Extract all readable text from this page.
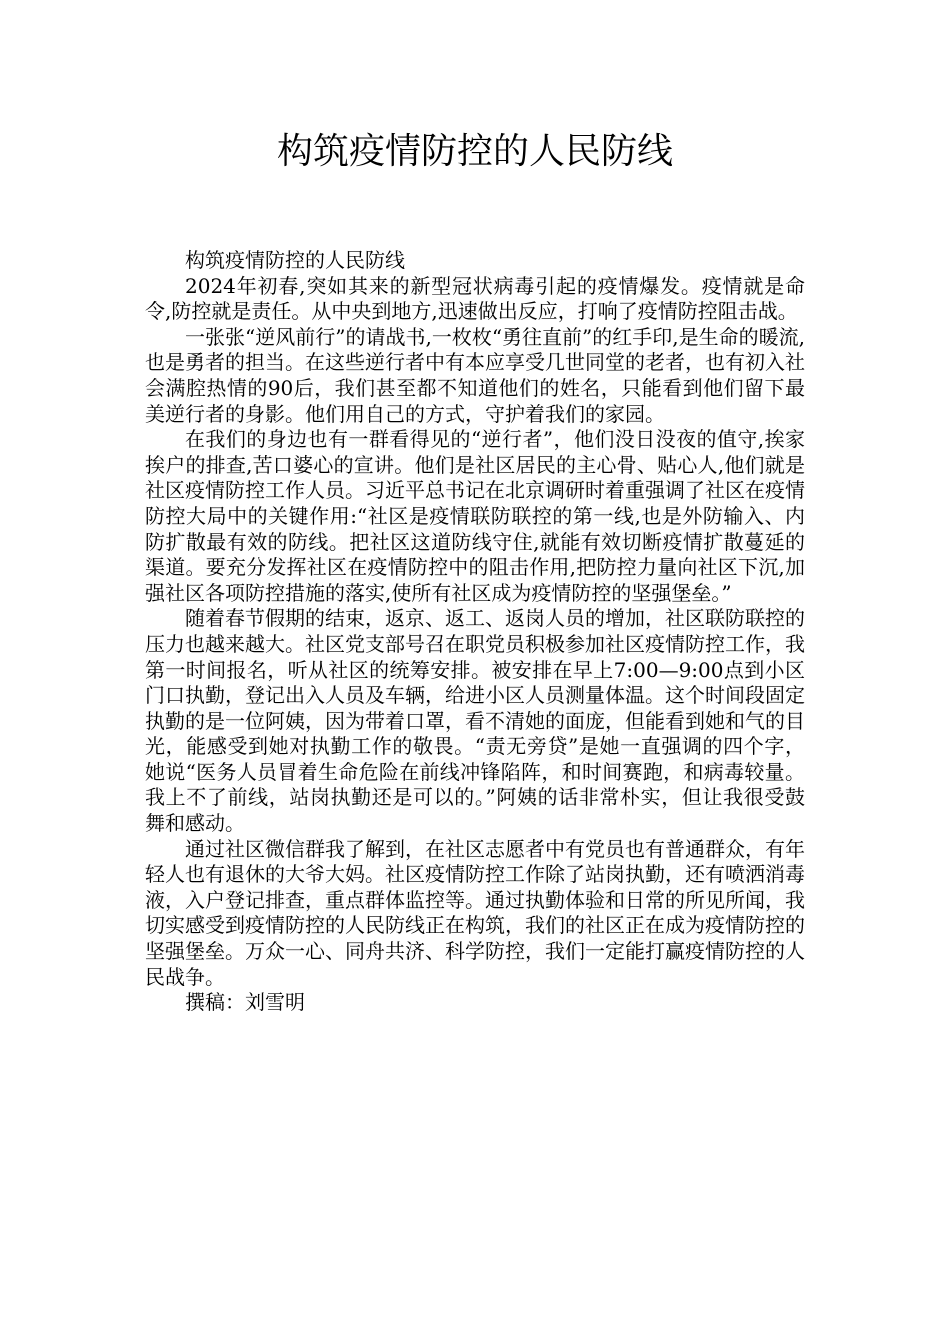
构筑疫情防控的人民防线

构筑疫情防控的人民防线

2024年初春,突如其来的新型冠状病毒引起的疫情爆发。疫情就是命令,防控就是责任。从中央到地方,迅速做出反应，打响了疫情防控阻击战。

一张张“逆风前行”的请战书,一枚枚“勇往直前”的红手印,是生命的暖流,也是勇者的担当。在这些逆行者中有本应享受几世同堂的老者，也有初入社会满腔热情的90后，我们甚至都不知道他们的姓名，只能看到他们留下最美逆行者的身影。他们用自己的方式，守护着我们的家园。

在我们的身边也有一群看得见的“逆行者”，他们没日没夜的值守,挨家挨户的排查,苦口婆心的宣讲。他们是社区居民的主心骨、贴心人,他们就是社区疫情防控工作人员。习近平总书记在北京调研时着重强调了社区在疫情防控大局中的关键作用:“社区是疫情联防联控的第一线,也是外防输入、内防扩散最有效的防线。把社区这道防线守住,就能有效切断疫情扩散蔓延的渠道。要充分发挥社区在疫情防控中的阻击作用,把防控力量向社区下沉,加强社区各项防控措施的落实,使所有社区成为疫情防控的坚强堡垒。”

随着春节假期的结束，返京、返工、返岗人员的增加，社区联防联控的压力也越来越大。社区党支部号召在职党员积极参加社区疫情防控工作，我第一时间报名，听从社区的统筹安排。被安排在早上7:00—9:00点到小区门口执勤，登记出入人员及车辆，给进小区人员测量体温。这个时间段固定执勤的是一位阿姨，因为带着口罩，看不清她的面庞，但能看到她和气的目光，能感受到她对执勤工作的敬畏。“责无旁贷”是她一直强调的四个字，她说“医务人员冒着生命危险在前线冲锋陷阵，和时间赛跑，和病毒较量。我上不了前线，站岗执勤还是可以的。”阿姨的话非常朴实，但让我很受鼓舞和感动。

通过社区微信群我了解到，在社区志愿者中有党员也有普通群众，有年轻人也有退休的大爷大妈。社区疫情防控工作除了站岗执勤，还有喷洒消毒液，入户登记排查，重点群体监控等。通过执勤体验和日常的所见所闻，我切实感受到疫情防控的人民防线正在构筑，我们的社区正在成为疫情防控的坚强堡垒。万众一心、同舟共济、科学防控，我们一定能打赢疫情防控的人民战争。

撰稿：刘雪明
